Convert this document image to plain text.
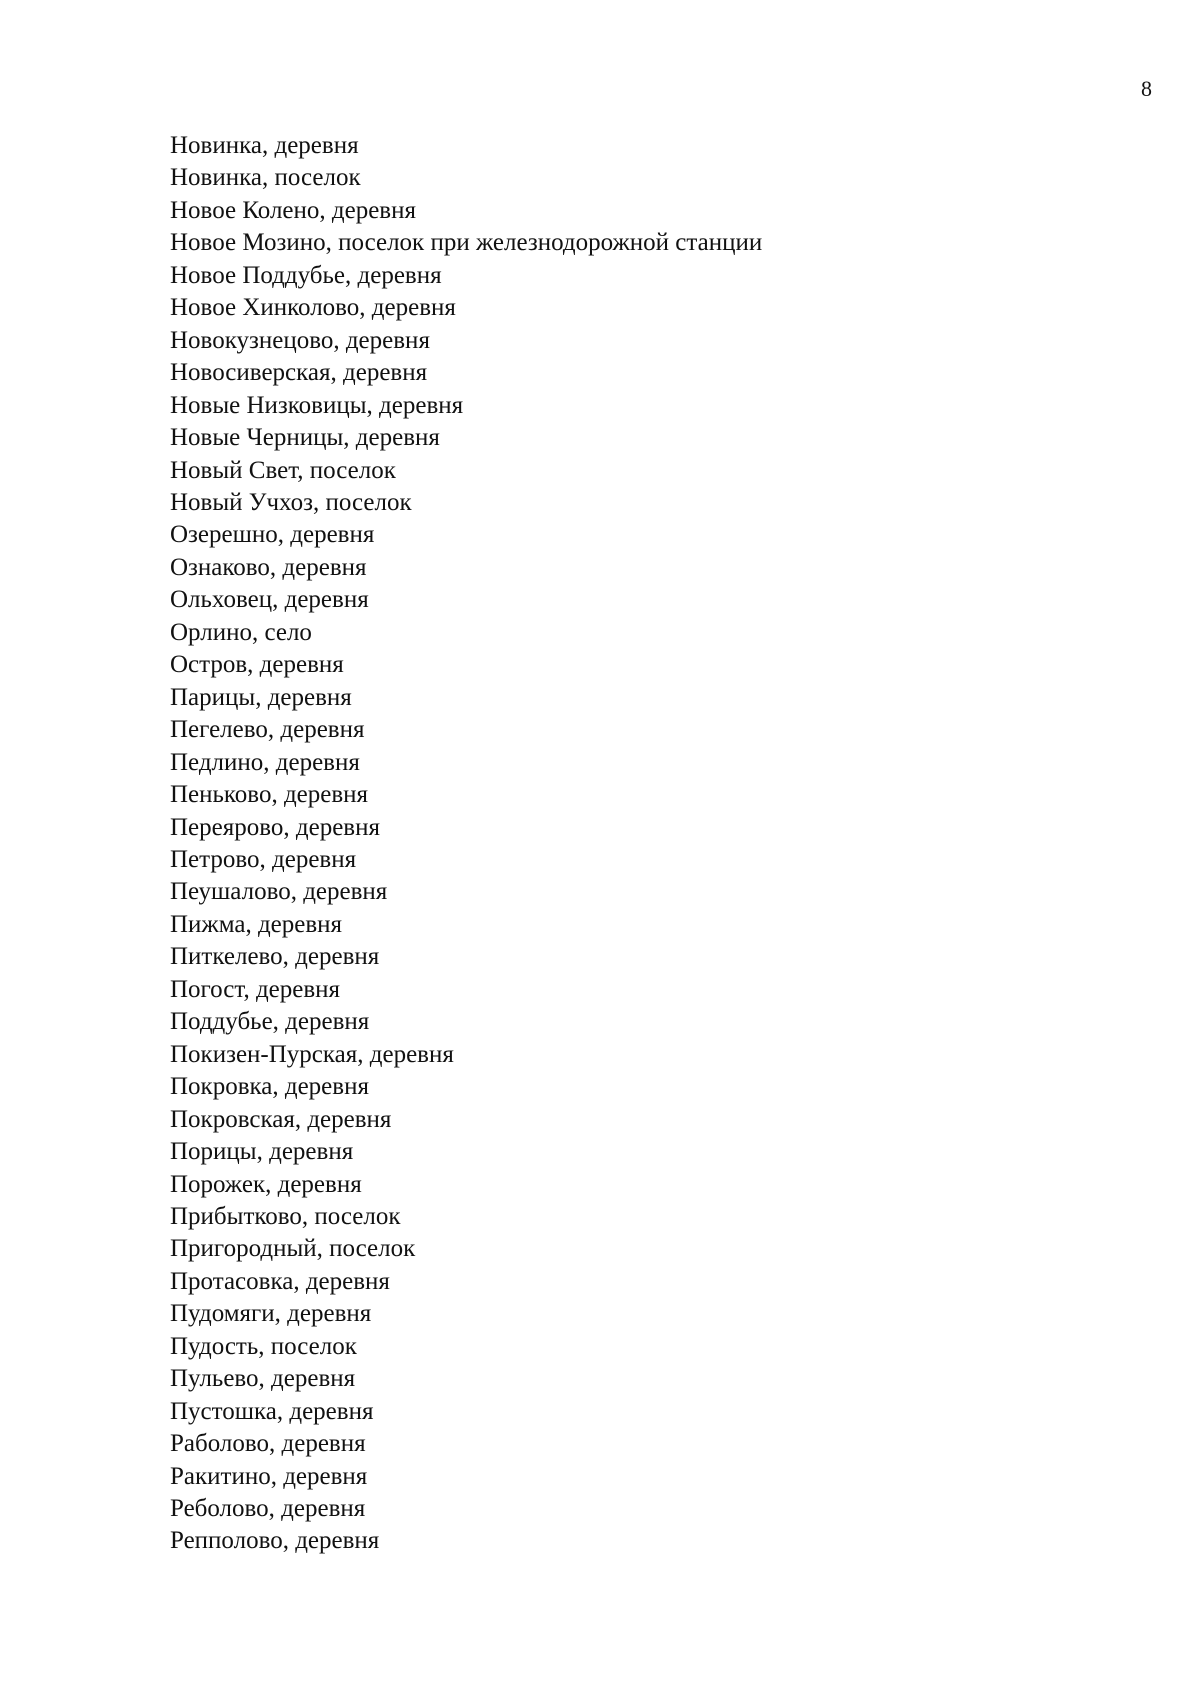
8
Новинка, деревня
Новинка, поселок
Новое Колено, деревня
Новое Мозино, поселок при железнодорожной станции
Новое Поддубье, деревня
Новое Хинколово, деревня
Новокузнецово, деревня
Новосиверская, деревня
Новые Низковицы, деревня
Новые Черницы, деревня
Новый Свет, поселок
Новый Учхоз, поселок
Озерешно, деревня
Ознаково, деревня
Ольховец, деревня
Орлино, село
Остров, деревня
Парицы, деревня
Пегелево, деревня
Педлино, деревня
Пеньково, деревня
Переярово, деревня
Петрово, деревня
Пеушалово, деревня
Пижма, деревня
Питкелево, деревня
Погост, деревня
Поддубье, деревня
Покизен-Пурская, деревня
Покровка, деревня
Покровская, деревня
Порицы, деревня
Порожек, деревня
Прибытково, поселок
Пригородный, поселок
Протасовка, деревня
Пудомяги, деревня
Пудость, поселок
Пульево, деревня
Пустошка, деревня
Раболово, деревня
Ракитино, деревня
Реболово, деревня
Репполово, деревня
